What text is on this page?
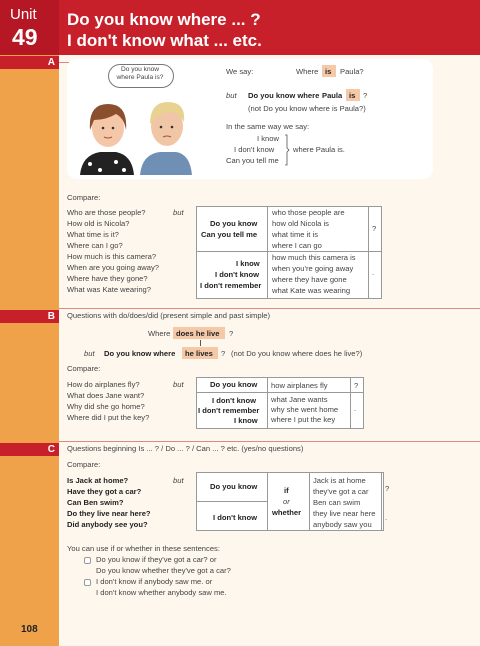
Unit
49
Do you know where ... ?
I don't know what ... etc.
A
Do you know where Paula is?
We say:	Where is Paula?
but Do you know where Paula is ?
(not Do you know where is Paula?)
In the same way we say:
I know
I don't know
Can you tell me
where Paula is.
Compare:
Who are those people?
How old is Nicola?
What time is it?
Where can I go?
How much is this camera?
When are you going away?
Where have they gone?
What was Kate wearing?
but
Do you know
Can you tell me
I know
I don't know
I don't remember
who those people are
how old Nicola is
what time it is
where I can go
how much this camera is
when you're going away
where they have gone
what Kate was wearing
?
.
B Questions with do/does/did (present simple and past simple)
Where does he live ?
but Do you know where he lives ? (not Do you know where does he live?)
Compare:
How do airplanes fly?
What does Jane want?
Why did she go home?
Where did I put the key?
but	Do you know
I don't know
I don't remember
I know
how airplanes fly
what Jane wants
why she went home
where I put the key
?
.
C Questions beginning Is ... ? / Do ... ? / Can ... ? etc. (yes/no questions)
Compare:
Is Jack at home?
Have they got a car?
Can Ben swim?
Do they live near here?
Did anybody see you?
but
Do you know
I don't know
if
or
whether
Jack is at home
they've got a car
Ben can swim
they live near here
anybody saw you
?
.
You can use if or whether in these sentences:
Do you know if they've got a car? or
Do you know whether they've got a car?
I don't know if anybody saw me. or
I don't know whether anybody saw me.
108
